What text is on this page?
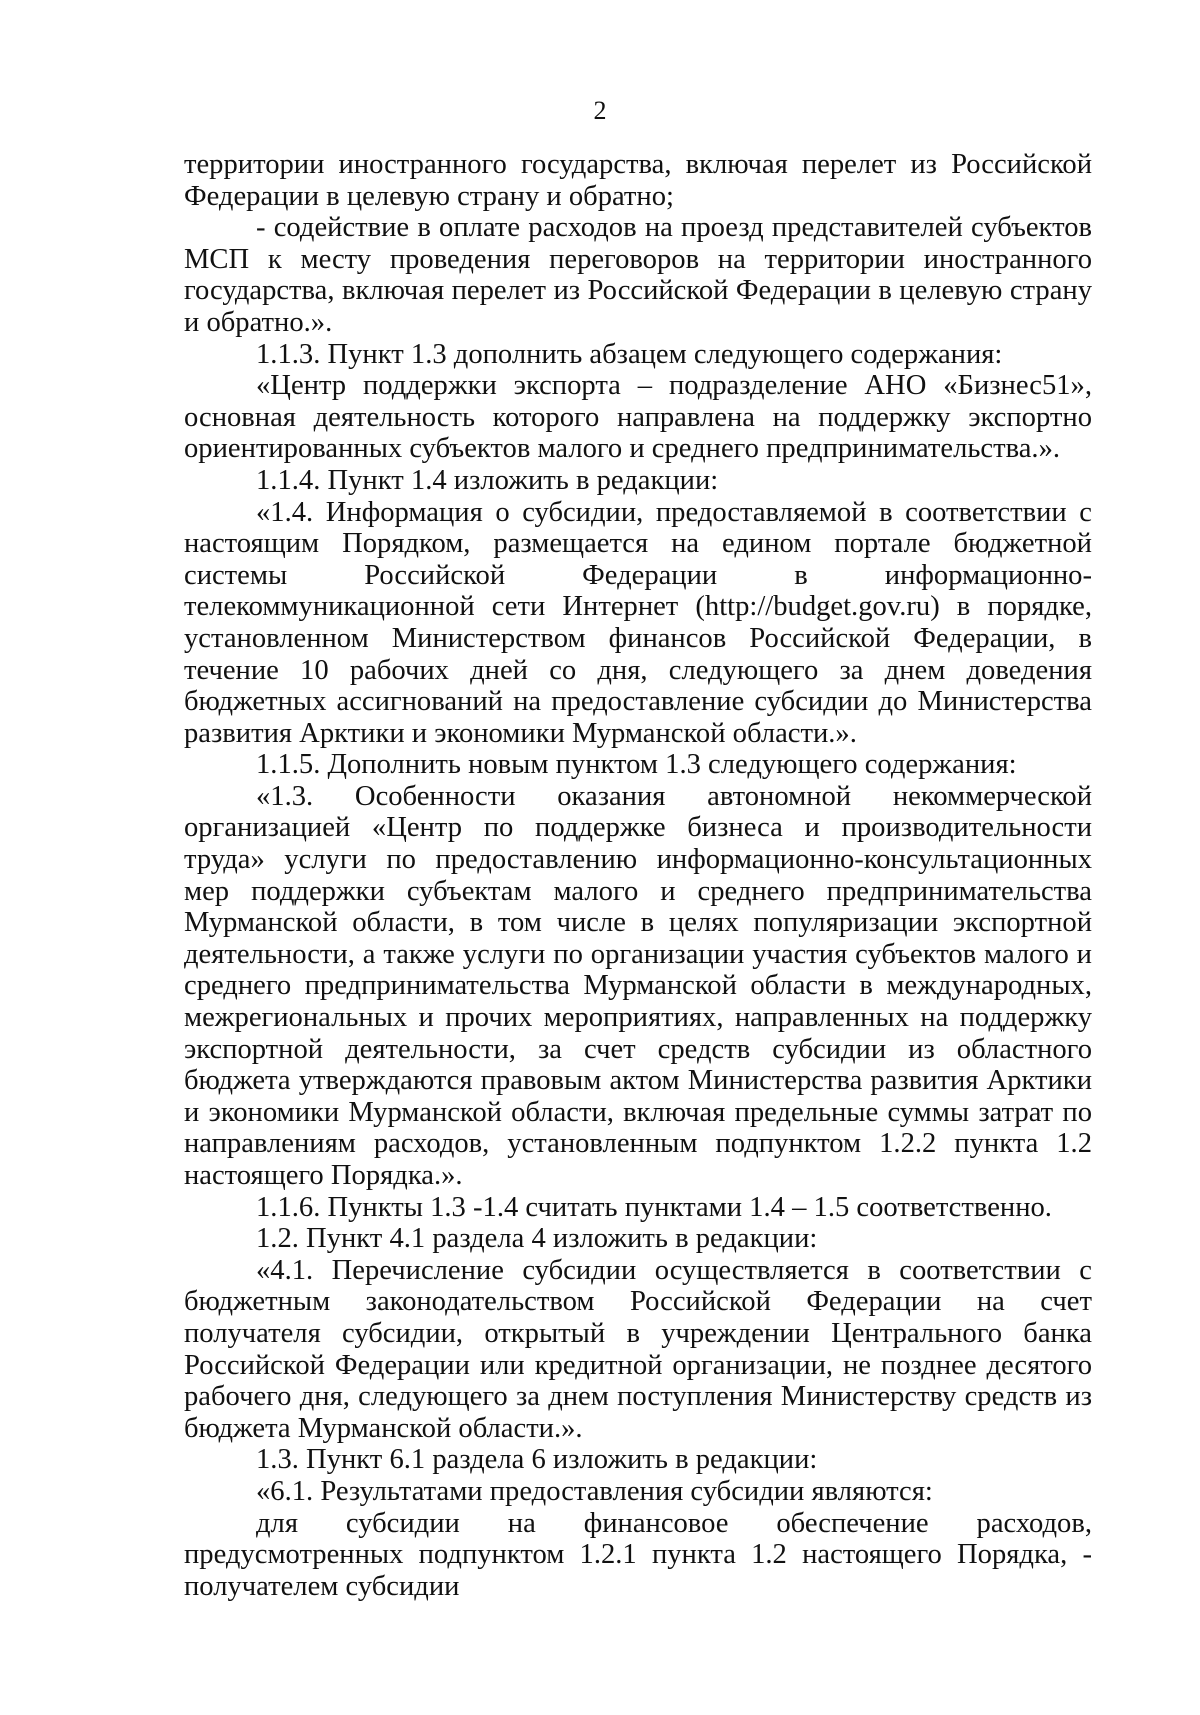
2

территории иностранного государства, включая перелет из Российской Федерации в целевую страну и обратно;

- содействие в оплате расходов на проезд представителей субъектов МСП к месту проведения переговоров на территории иностранного государства, включая перелет из Российской Федерации в целевую страну и обратно.».

1.1.3. Пункт 1.3 дополнить абзацем следующего содержания:

«Центр поддержки экспорта – подразделение АНО «Бизнес51», основная деятельность которого направлена на поддержку экспортно ориентированных субъектов малого и среднего предпринимательства.».

1.1.4. Пункт 1.4 изложить в редакции:

«1.4. Информация о субсидии, предоставляемой в соответствии с настоящим Порядком, размещается на едином портале бюджетной системы Российской Федерации в информационно-телекоммуникационной сети Интернет (http://budget.gov.ru) в порядке, установленном Министерством финансов Российской Федерации, в течение 10 рабочих дней со дня, следующего за днем доведения бюджетных ассигнований на предоставление субсидии до Министерства развития Арктики и экономики Мурманской области.».

1.1.5. Дополнить новым пунктом 1.3 следующего содержания:

«1.3. Особенности оказания автономной некоммерческой организацией «Центр по поддержке бизнеса и производительности труда» услуги по предоставлению информационно-консультационных мер поддержки субъектам малого и среднего предпринимательства Мурманской области, в том числе в целях популяризации экспортной деятельности, а также услуги по организации участия субъектов малого и среднего предпринимательства Мурманской области в международных, межрегиональных и прочих мероприятиях, направленных на поддержку экспортной деятельности, за счет средств субсидии из областного бюджета утверждаются правовым актом Министерства развития Арктики и экономики Мурманской области, включая предельные суммы затрат по направлениям расходов, установленным подпунктом 1.2.2 пункта 1.2 настоящего Порядка.».

1.1.6. Пункты 1.3 -1.4 считать пунктами 1.4 – 1.5 соответственно.

1.2. Пункт 4.1 раздела 4 изложить в редакции:

«4.1. Перечисление субсидии осуществляется в соответствии с бюджетным законодательством Российской Федерации на счет получателя субсидии, открытый в учреждении Центрального банка Российской Федерации или кредитной организации, не позднее десятого рабочего дня, следующего за днем поступления Министерству средств из бюджета Мурманской области.».

1.3. Пункт 6.1 раздела 6 изложить в редакции:

«6.1. Результатами предоставления субсидии являются:

для субсидии на финансовое обеспечение расходов, предусмотренных подпунктом 1.2.1 пункта 1.2 настоящего Порядка, - получателем субсидии
